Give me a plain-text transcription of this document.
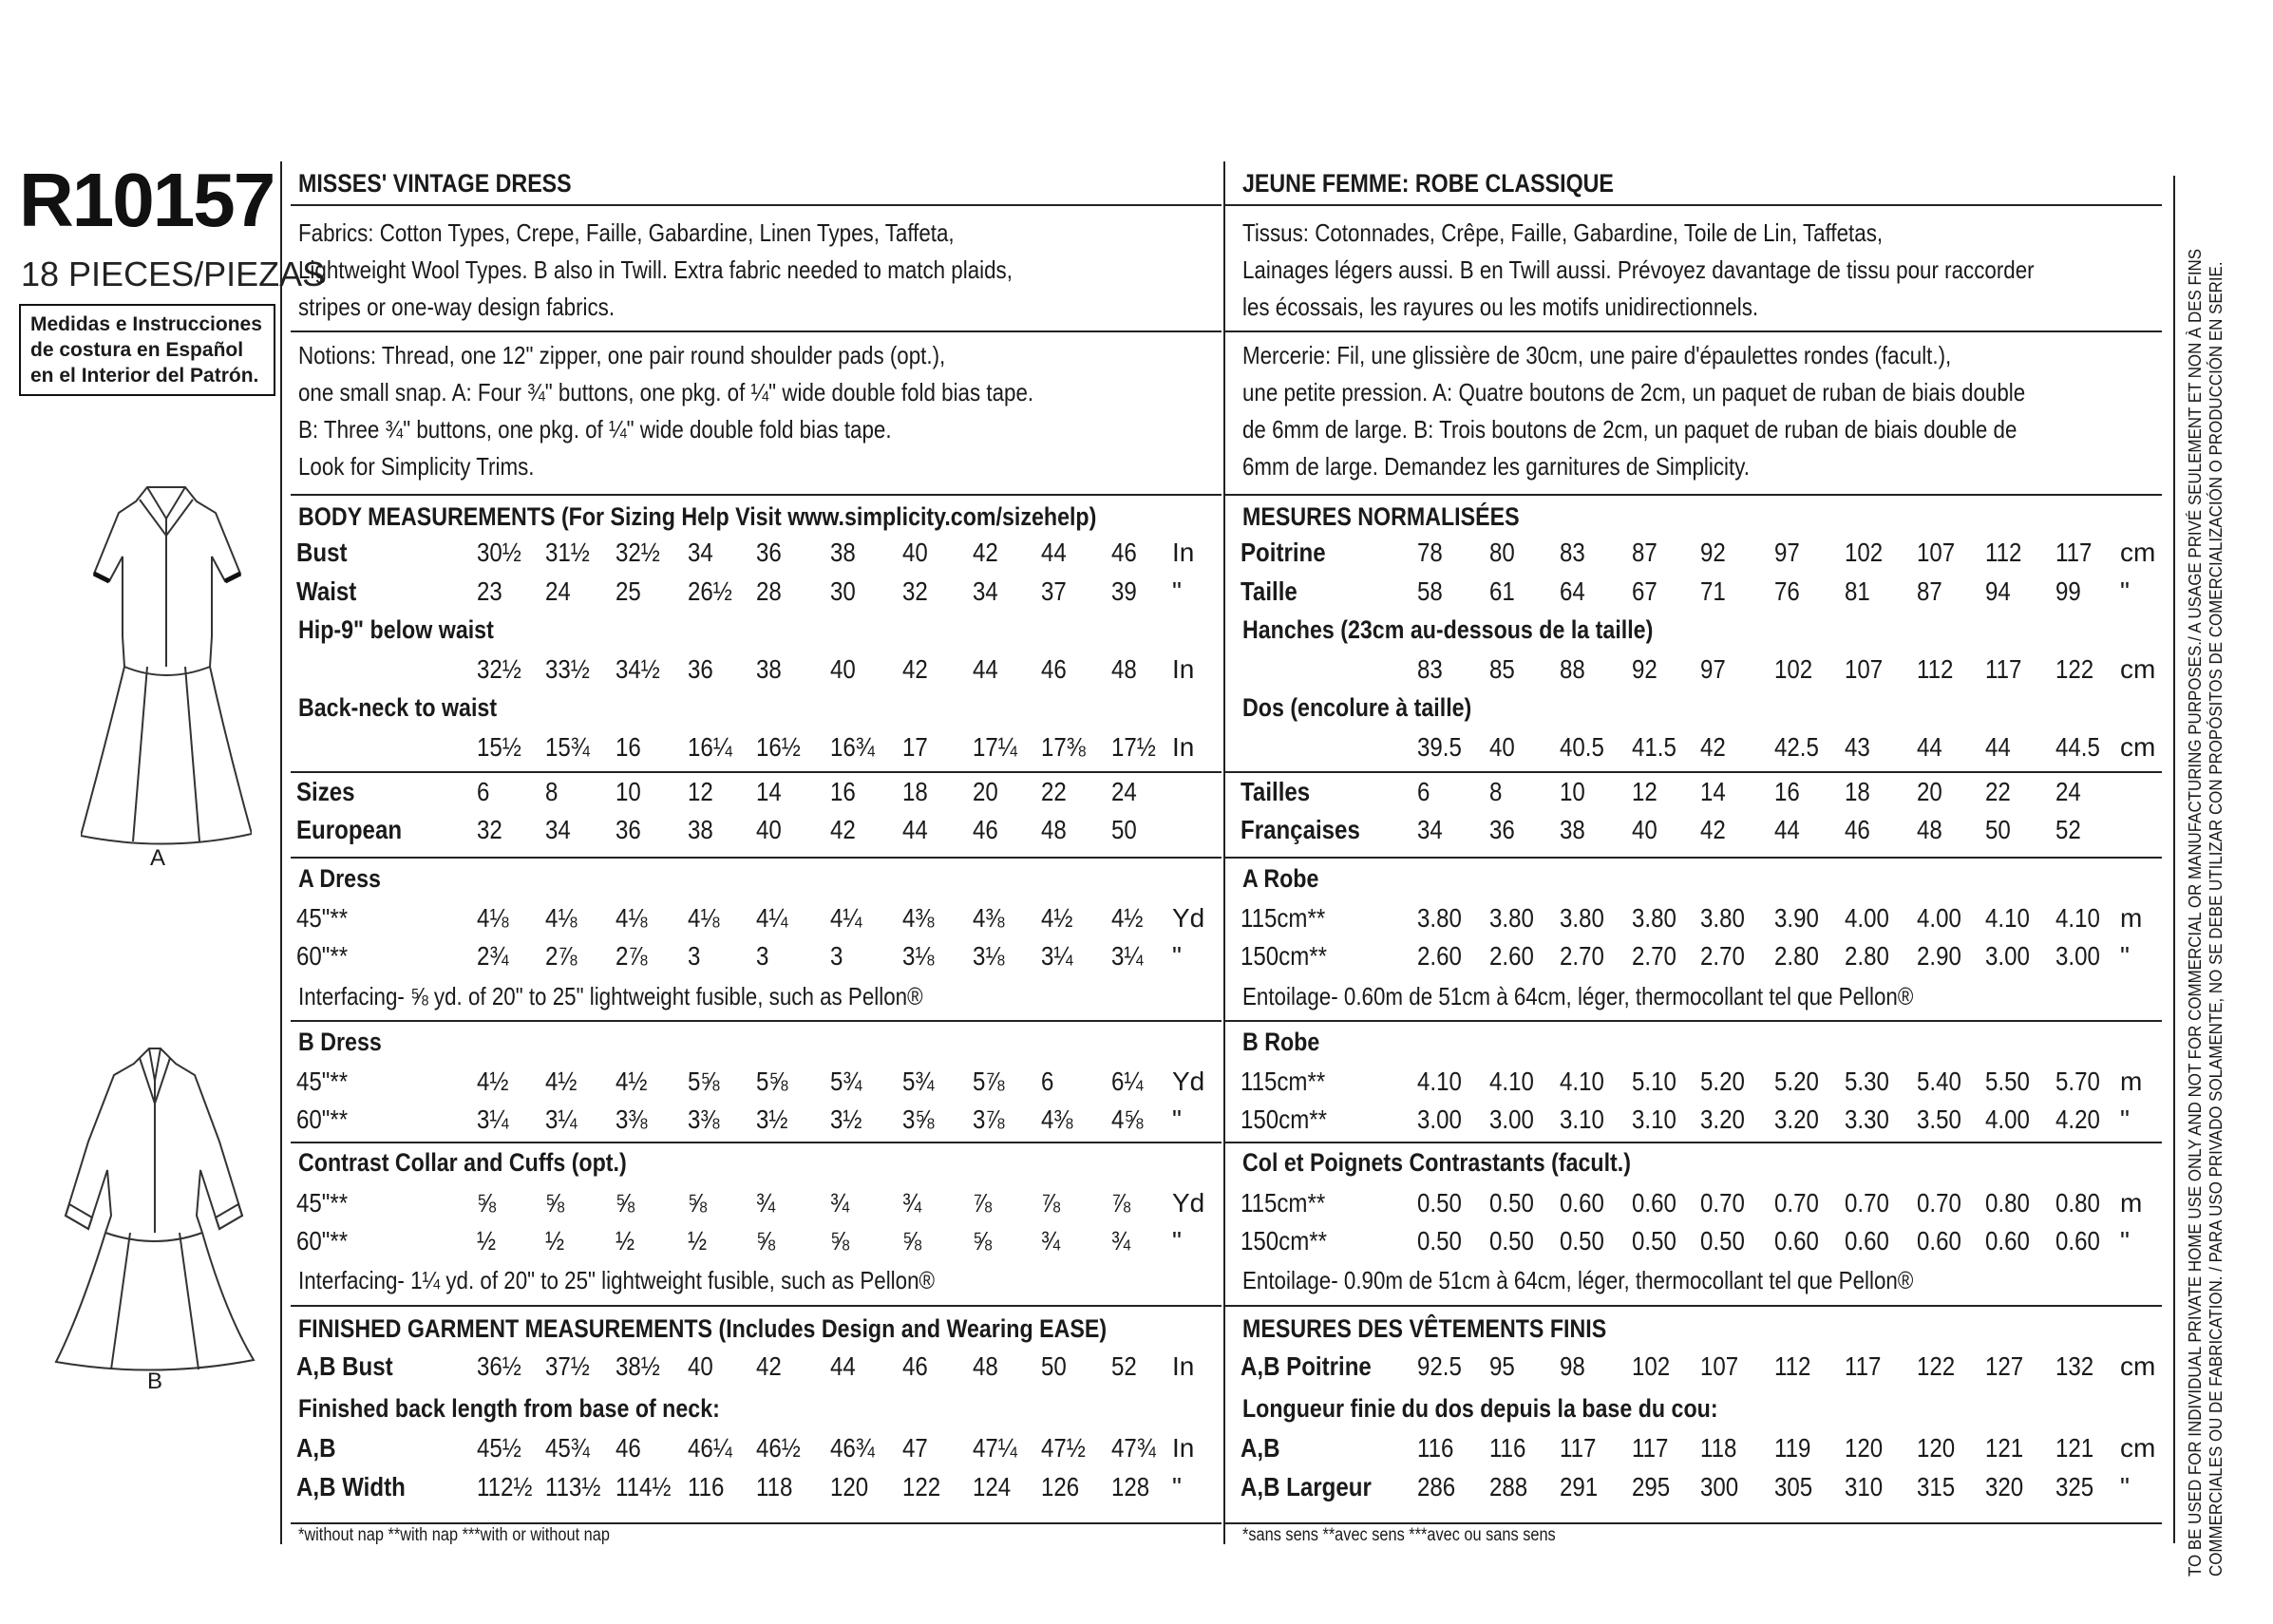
R10157
18 PIECES/PIEZAS
Medidas e Instrucciones
de costura en Español
en el Interior del Patrón.
A
B
MISSES' VINTAGE DRESS
Fabrics: Cotton Types, Crepe, Faille, Gabardine, Linen Types, Taffeta,
Lightweight Wool Types. B also in Twill. Extra fabric needed to match plaids,
stripes or one-way design fabrics.
Notions: Thread, one 12" zipper, one pair round shoulder pads (opt.),
one small snap. A: Four ¾" buttons, one pkg. of ¼" wide double fold bias tape.
B: Three ¾" buttons, one pkg. of ¼" wide double fold bias tape.
Look for Simplicity Trims.
BODY MEASUREMENTS (For Sizing Help Visit www.simplicity.com/sizehelp)
Bust	30½ 31½ 32½ 34 36 38 40 42 44 46 In
Waist	23 24 25 26½ 28 30 32 34 37 39 "
Hip-9" below waist
32½ 33½ 34½ 36 38 40 42 44 46 48 In
Back-neck to waist
15½ 15¾ 16 16¼ 16½ 16¾ 17 17¼ 17⅜ 17½ In
Sizes	6 8 10 12 14 16 18 20 22 24
European	32 34 36 38 40 42 44 46 48 50
A Dress
45"**	4⅛ 4⅛ 4⅛ 4⅛ 4¼ 4¼ 4⅜ 4⅜ 4½ 4½ Yd
60"**	2¾ 2⅞ 2⅞ 3 3 3 3⅛ 3⅛ 3¼ 3¼ "
Interfacing- ⅝ yd. of 20" to 25" lightweight fusible, such as Pellon®
B Dress
45"**	4½ 4½ 4½ 5⅝ 5⅝ 5¾ 5¾ 5⅞ 6 6¼ Yd
60"**	3¼ 3¼ 3⅜ 3⅜ 3½ 3½ 3⅝ 3⅞ 4⅜ 4⅝ "
Contrast Collar and Cuffs (opt.)
45"**	⅝ ⅝ ⅝ ⅝ ¾ ¾ ¾ ⅞ ⅞ ⅞ Yd
60"**	½ ½ ½ ½ ⅝ ⅝ ⅝ ⅝ ¾ ¾ "
Interfacing- 1¼ yd. of 20" to 25" lightweight fusible, such as Pellon®
FINISHED GARMENT MEASUREMENTS (Includes Design and Wearing EASE)
A,B Bust	36½ 37½ 38½ 40 42 44 46 48 50 52 In
Finished back length from base of neck:
A,B	45½ 45¾ 46 46¼ 46½ 46¾ 47 47¼ 47½ 47¾ In
A,B Width	112½ 113½ 114½ 116 118 120 122 124 126 128 "
*without nap **with nap ***with or without nap
JEUNE FEMME: ROBE CLASSIQUE
Tissus: Cotonnades, Crêpe, Faille, Gabardine, Toile de Lin, Taffetas,
Lainages légers aussi. B en Twill aussi. Prévoyez davantage de tissu pour raccorder
les écossais, les rayures ou les motifs unidirectionnels.
Mercerie: Fil, une glissière de 30cm, une paire d'épaulettes rondes (facult.),
une petite pression. A: Quatre boutons de 2cm, un paquet de ruban de biais double
de 6mm de large. B: Trois boutons de 2cm, un paquet de ruban de biais double de
6mm de large. Demandez les garnitures de Simplicity.
MESURES NORMALISÉES
Poitrine	78 80 83 87 92 97 102 107 112 117 cm
Taille	58 61 64 67 71 76 81 87 94 99 "
Hanches (23cm au-dessous de la taille)
83 85 88 92 97 102 107 112 117 122 cm
Dos (encolure à taille)
39.5 40 40.5 41.5 42 42.5 43 44 44 44.5 cm
Tailles	6 8 10 12 14 16 18 20 22 24
Françaises 34 36 38 40 42 44 46 48 50 52
A Robe
115cm**	3.80 3.80 3.80 3.80 3.80 3.90 4.00 4.00 4.10 4.10 m
150cm**	2.60 2.60 2.70 2.70 2.70 2.80 2.80 2.90 3.00 3.00 "
Entoilage- 0.60m de 51cm à 64cm, léger, thermocollant tel que Pellon®
B Robe
115cm**	4.10 4.10 4.10 5.10 5.20 5.20 5.30 5.40 5.50 5.70 m
150cm**	3.00 3.00 3.10 3.10 3.20 3.20 3.30 3.50 4.00 4.20 "
Col et Poignets Contrastants (facult.)
115cm**	0.50 0.50 0.60 0.60 0.70 0.70 0.70 0.70 0.80 0.80 m
150cm**	0.50 0.50 0.50 0.50 0.50 0.60 0.60 0.60 0.60 0.60 "
Entoilage- 0.90m de 51cm à 64cm, léger, thermocollant tel que Pellon®
MESURES DES VÊTEMENTS FINIS
A,B Poitrine 92.5 95 98 102 107 112 117 122 127 132 cm
Longueur finie du dos depuis la base du cou:
A,B	116 116 117 117 118 119 120 120 121 121 cm
A,B Largeur 286 288 291 295 300 305 310 315 320 325 "
*sans sens **avec sens ***avec ou sans sens	TO BE USED FOR INDIVIDUAL PRIVATE HOME USE ONLY AND NOT FOR COMMERCIAL OR MANUFACTURING PURPOSES./ A USAGE PRIVÉ SEULEMENT ET NON À DES FINS COMMERCIALES OU DE FABRICATION. / PARA USO PRIVADO SOLAMENTE, NO SE DEBE UTILIZAR CON PROPÓSITOS DE COMERCIALIZACIÓN O PRODUCCIÓN EN SERIE.
